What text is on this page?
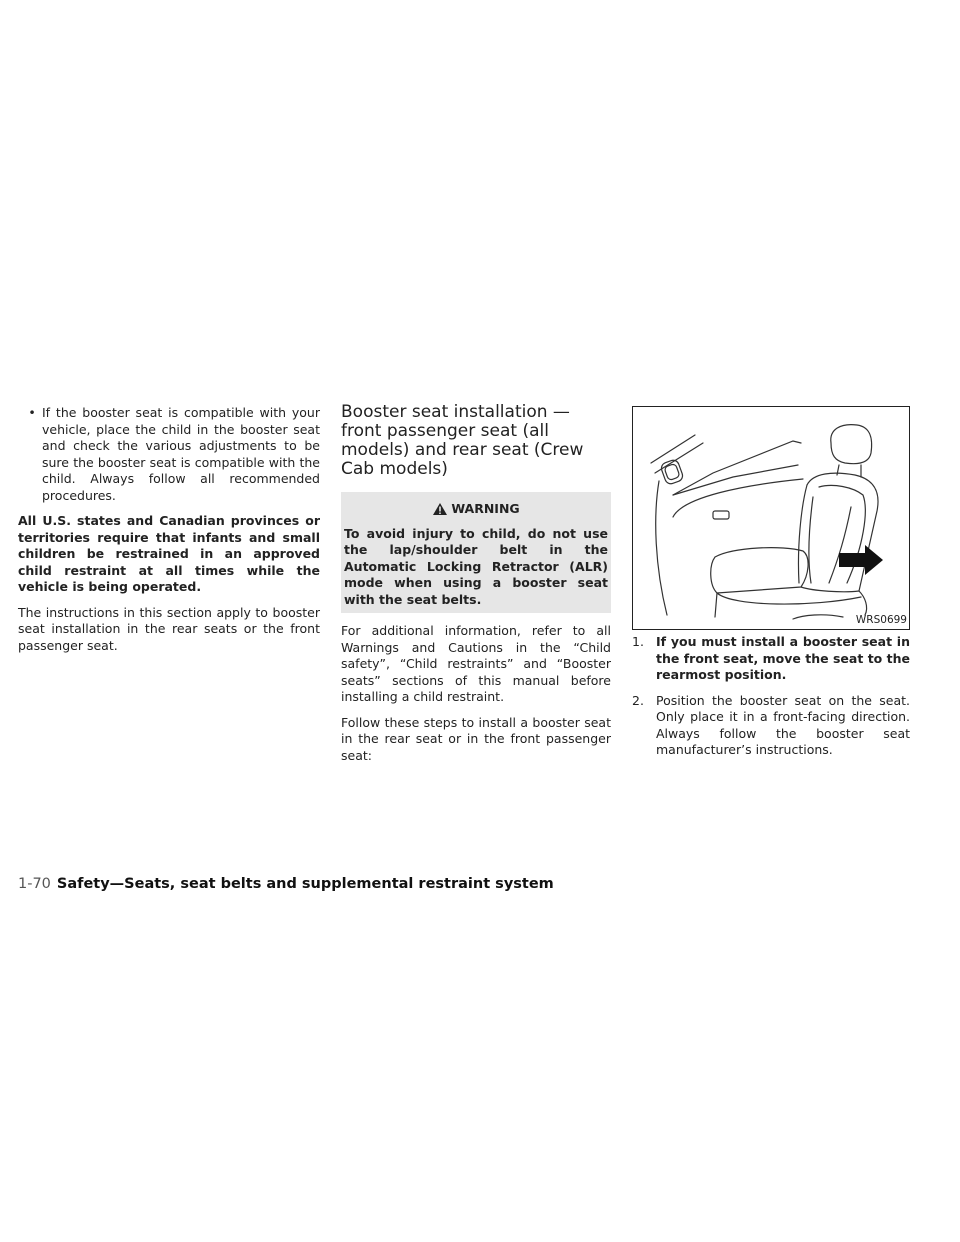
• If the booster seat is compatible with your vehicle, place the child in the booster seat and check the various adjustments to be sure the booster seat is compatible with the child. Always follow all recommended procedures.

All U.S. states and Canadian provinces or territories require that infants and small children be restrained in an approved child restraint at all times while the vehicle is being operated.

The instructions in this section apply to booster seat installation in the rear seats or the front passenger seat.

Booster seat installation — front passenger seat (all models) and rear seat (Crew Cab models)
WARNING
To avoid injury to child, do not use the lap/shoulder belt in the Automatic Locking Retractor (ALR) mode when using a booster seat with the seat belts.

For additional information, refer to all Warnings and Cautions in the “Child safety”, “Child restraints” and “Booster seats” sections of this manual before installing a child restraint.

Follow these steps to install a booster seat in the rear seat or in the front passenger seat:

WRS0699
1. If you must install a booster seat in the front seat, move the seat to the rearmost position.
2. Position the booster seat on the seat. Only place it in a front-facing direction. Always follow the booster seat manufacturer’s instructions.
1-70 Safety—Seats, seat belts and supplemental restraint system
